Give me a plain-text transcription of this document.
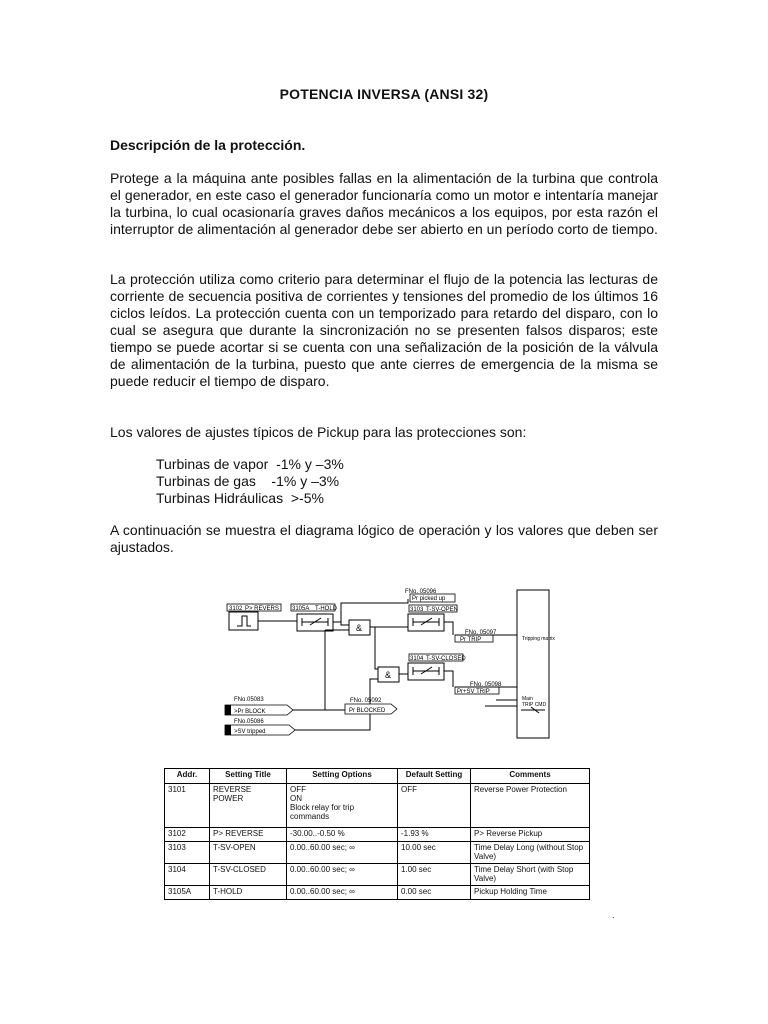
POTENCIA INVERSA (ANSI 32)
Descripción de la protección.

Protege a la máquina ante posibles fallas en la alimentación de la turbina que controla el generador, en este caso el generador funcionaría como un motor e intentaría manejar la turbina, lo cual ocasionaría graves daños mecánicos a los equipos, por esta razón el interruptor de alimentación al generador debe ser abierto en un período corto de tiempo.

La protección utiliza como criterio para determinar el flujo de la potencia las lecturas de corriente de secuencia positiva de corrientes y tensiones del promedio de los últimos 16 ciclos leídos. La protección cuenta con un temporizado para retardo del disparo, con lo cual se asegura que durante la sincronización no se presenten falsos disparos; este tiempo se puede acortar si se cuenta con una señalización de la posición de la válvula de alimentación de la turbina, puesto que ante cierres de emergencia de la misma se puede reducir el tiempo de disparo.

Los valores de ajustes típicos de Pickup para las protecciones son:

Turbinas de vapor  -1% y –3%
Turbinas de gas    -1% y –3%
Turbinas Hidráulicas  >-5%

A continuación se muestra el diagrama lógico de operación y los valores que deben ser ajustados.

FNo. 05096
Pr picked up
3102 P> REVERS 3105A T-HOLD	3103 T-SV-OPEN
3104 T-SV-CLOSED
&
&
FNo. 05097
Pr TRIP
FNo. 05098
Pr+SV TRIP
Tripping matrix
Main
TRIP CMD
FNo.05083
>Pr BLOCK
FNo.05086
>SV tripped
FNo. 05092
Pr BLOCKED
Addr.	Setting Title	Setting Options	Default Setting	Comments
3101	REVERSE POWER	OFF
ON
Block relay for trip commands	OFF	Reverse Power Protection
3102	P> REVERSE	-30.00..-0.50 %	-1.93 %	P> Reverse Pickup
3103	T-SV-OPEN	0.00..60.00 sec; ∞	10.00 sec	Time Delay Long (without Stop Valve)
3104	T-SV-CLOSED	0.00..60.00 sec; ∞	1.00 sec	Time Delay Short (with Stop Valve)
3105A	T-HOLD	0.00..60.00 sec; ∞	0.00 sec	Pickup Holding Time
.
